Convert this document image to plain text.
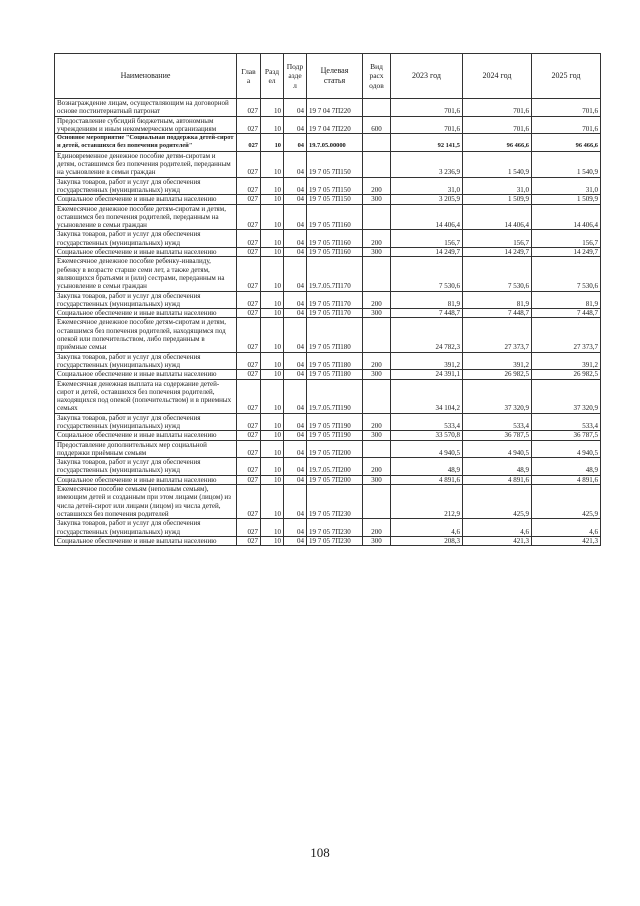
Наименование	Глав а	Разд ел	Подр азде л	Целевая статья	Вид расх одов	2023 год	2024 год	2025 год
Вознаграждение лицам, осуществляющим на договорной основе постинтернатный патронат	027	10	04	19 7 04 7П220		701,6	701,6	701,6
Предоставление субсидий бюджетным, автономным учреждениям и иным некоммерческим организациям	027	10	04	19 7 04 7П220	600	701,6	701,6	701,6
Основное мероприятие "Социальная поддержка детей-сирот и детей, оставшихся без попечения родителей"	027	10	04	19.7.05.00000		92 141,5	96 466,6	96 466,6
Единовременное денежное пособие детям-сиротам и детям, оставшимся без попечения родителей, переданным на усыновление в семьи граждан	027	10	04	19 7 05 7П150		3 236,9	1 540,9	1 540,9
Закупка товаров, работ и услуг для обеспечения государственных (муниципальных) нужд	027	10	04	19 7 05 7П150	200	31,0	31,0	31,0
Социальное обеспечение и иные выплаты населению	027	10	04	19 7 05 7П150	300	3 205,9	1 509,9	1 509,9
Ежемесячное денежное пособие детям-сиротам и детям, оставшимся без попечения родителей, переданным на усыновление в семьи граждан	027	10	04	19 7 05 7П160		14 406,4	14 406,4	14 406,4
Закупка товаров, работ и услуг для обеспечения государственных (муниципальных) нужд	027	10	04	19 7 05 7П160	200	156,7	156,7	156,7
Социальное обеспечение и иные выплаты населению	027	10	04	19 7 05 7П160	300	14 249,7	14 249,7	14 249,7
Ежемесячное денежное пособие ребенку-инвалиду, ребенку в возрасте старше семи лет, а также детям, являющихся братьями и (или) сестрами, переданным на усыновление в семьи граждан	027	10	04	19.7.05.7П170		7 530,6	7 530,6	7 530,6
Закупка товаров, работ и услуг для обеспечения государственных (муниципальных) нужд	027	10	04	19 7 05 7П170	200	81,9	81,9	81,9
Социальное обеспечение и иные выплаты населению	027	10	04	19 7 05 7П170	300	7 448,7	7 448,7	7 448,7
Ежемесячное денежное пособие детям-сиротам и детям, оставшимся без попечения родителей, находящимся под опекой или попечительством, либо переданным в приёмные семьи	027	10	04	19 7 05 7П180		24 782,3	27 373,7	27 373,7
Закупка товаров, работ и услуг для обеспечения государственных (муниципальных) нужд	027	10	04	19 7 05 7П180	200	391,2	391,2	391,2
Социальное обеспечение и иные выплаты населению	027	10	04	19 7 05 7П180	300	24 391,1	26 982,5	26 982,5
Ежемесячная денежная выплата на содержание детей-сирот и детей, оставшихся без попечения родителей, находящихся под опекой (попечительством) и в приемных семьях	027	10	04	19.7.05.7П190		34 104,2	37 320,9	37 320,9
Закупка товаров, работ и услуг для обеспечения государственных (муниципальных) нужд	027	10	04	19 7 05 7П190	200	533,4	533,4	533,4
Социальное обеспечение и иные выплаты населению	027	10	04	19 7 05 7П190	300	33 570,8	36 787,5	36 787,5
Предоставление дополнительных мер социальной поддержки приёмным семьям	027	10	04	19 7 05 7П200		4 940,5	4 940,5	4 940,5
Закупка товаров, работ и услуг для обеспечения государственных (муниципальных) нужд	027	10	04	19.7.05.7П200	200	48,9	48,9	48,9
Социальное обеспечение и иные выплаты населению	027	10	04	19 7 05 7П200	300	4 891,6	4 891,6	4 891,6
Ежемесячное пособие семьям (неполным семьям), имеющим детей и созданным при этом лицами (лицом) из числа детей-сирот или лицами (лицом) из числа детей, оставшихся без попечения родителей	027	10	04	19 7 05 7П230		212,9	425,9	425,9
Закупка товаров, работ и услуг для обеспечения государственных (муниципальных) нужд	027	10	04	19 7 05 7П230	200	4,6	4,6	4,6
Социальное обеспечение и иные выплаты населению	027	10	04	19 7 05 7П230	300	208,3	421,3	421,3
108
